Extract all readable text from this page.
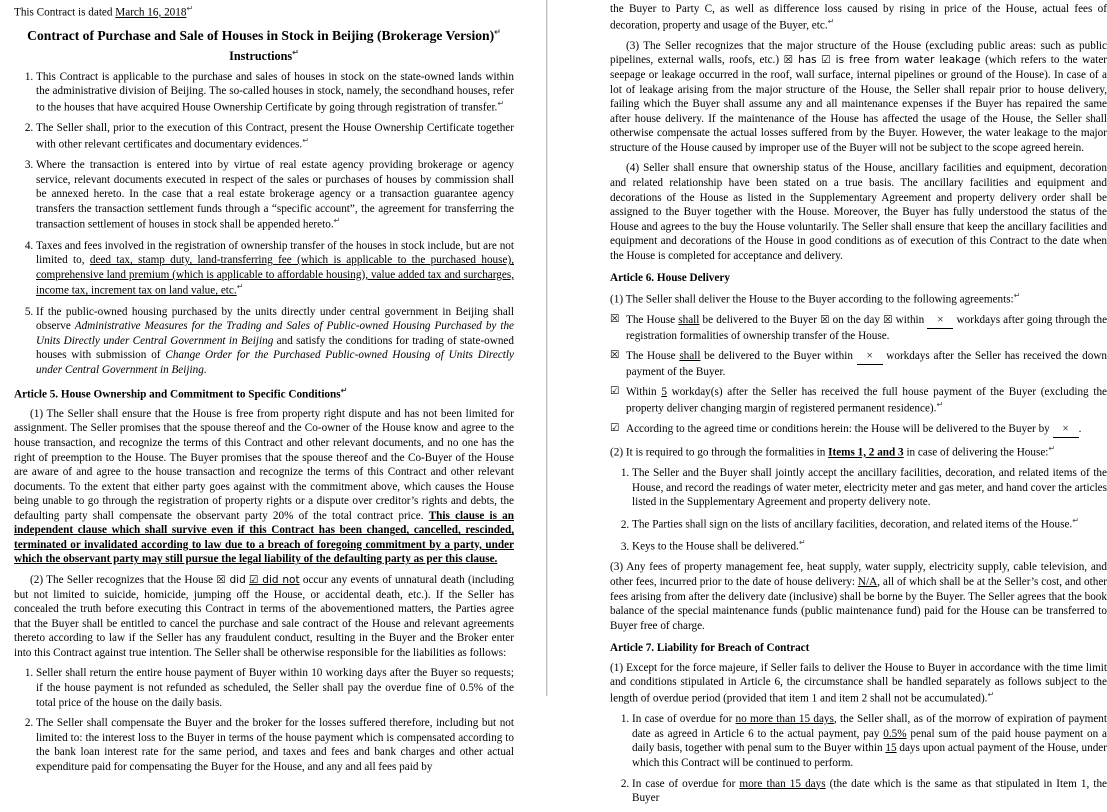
This Contract is dated March 16, 2018↵

Contract of Purchase and Sale of Houses in Stock in Beijing (Brokerage Version)↵
Instructions↵
1. This Contract is applicable to the purchase and sales of houses in stock on the state-owned lands within the administrative division of Beijing. The so-called houses in stock, namely, the secondhand houses, refer to the houses that have acquired House Ownership Certificate by going through registration of transfer.↵
2. The Seller shall, prior to the execution of this Contract, present the House Ownership Certificate together with other relevant certificates and documentary evidences.↵
3. Where the transaction is entered into by virtue of real estate agency providing brokerage or agency service, relevant documents executed in respect of the sales or purchases of houses by commission shall be annexed hereto. In the case that a real estate brokerage agency or a transaction guarantee agency transfers the transaction settlement funds through a “specific account”, the agreement for transferring the transaction settlement of houses in stock shall be appended hereto.↵
4. Taxes and fees involved in the registration of ownership transfer of the houses in stock include, but are not limited to, deed tax, stamp duty, land-transferring fee (which is applicable to the purchased house), comprehensive land premium (which is applicable to affordable housing), value added tax and surcharges, income tax, increment tax on land value, etc.↵
5. If the public-owned housing purchased by the units directly under central government in Beijing shall observe Administrative Measures for the Trading and Sales of Public-owned Housing Purchased by the Units Directly under Central Government in Beijing and satisfy the conditions for trading of state-owned houses with submission of Change Order for the Purchased Public-owned Housing of Units Directly under Central Government in Beijing.

Article 5. House Ownership and Commitment to Specific Conditions↵

(1) The Seller shall ensure that the House is free from property right dispute and has not been limited for assignment. The Seller promises that the spouse thereof and the Co-owner of the House know and agree to the house transaction, and recognize the terms of this Contract and other relevant documents, and no one has the right of preemption to the House. The Buyer promises that the spouse thereof and the Co-Buyer of the House are aware of and agree to the house transaction and recognize the terms of this Contract and other relevant documents. To the extent that either party goes against with the commitment above, which causes the House being unable to go through the registration of property rights or a dispute over creditor’s rights and debts, the defaulting party shall compensate the observant party 20% of the total contract price. This clause is an independent clause which shall survive even if this Contract has been changed, cancelled, rescinded, terminated or invalidated according to law due to a breach of foregoing commitment by a party, under which the observant party may still pursue the legal liability of the defaulting party as per this clause.

(2) The Seller recognizes that the House ☒ did ☑ did not occur any events of unnatural death (including but not limited to suicide, homicide, jumping off the House, or accidental death, etc.). If the Seller has concealed the truth before executing this Contract in terms of the abovementioned matters, the Parties agree that the Buyer shall be entitled to cancel the purchase and sale contract of the House and relevant agreements thereto according to law if the Seller has any fraudulent conduct, resulting in the Buyer and the Broker enter into this Contract against true intention. The Seller shall be otherwise responsible for the liabilities as follows:

1. Seller shall return the entire house payment of Buyer within 10 working days after the Buyer so requests; if the house payment is not refunded as scheduled, the Seller shall pay the overdue fine of 0.5% of the total price of the house on the daily basis.
2. The Seller shall compensate the Buyer and the broker for the losses suffered therefore, including but not limited to: the interest loss to the Buyer in terms of the house payment which is compensated according to the bank loan interest rate for the same period, and taxes and fees and bank charges and other actual expenditure paid for compensating the Buyer for the House, and any and all fees paid by

the Buyer to Party C, as well as difference loss caused by rising in price of the House, actual fees of decoration, property and usage of the Buyer, etc.↵

(3) The Seller recognizes that the major structure of the House (excluding public areas: such as public pipelines, external walls, roofs, etc.) ☒ has ☑ is free from water leakage (which refers to the water seepage or leakage occurred in the roof, wall surface, internal pipelines or ground of the House). In case of a lot of leakage arising from the major structure of the House, the Seller shall repair prior to house delivery, failing which the Buyer shall assume any and all maintenance expenses if the Buyer has repaired the same after house delivery. If the maintenance of the House has affected the usage of the House, the Seller shall otherwise compensate the actual losses suffered from by the Buyer. However, the water leakage to the major structure of the House caused by improper use of the Buyer will not be subject to the scope agreed herein.

(4) Seller shall ensure that ownership status of the House, ancillary facilities and equipment, decoration and related relationship have been stated on a true basis. The ancillary facilities and equipment and decorations of the House as listed in the Supplementary Agreement and property delivery order shall be assigned to the Buyer together with the House. Moreover, the Buyer has fully understood the status of the House and agrees to the buy the House voluntarily. The Seller shall ensure that keep the ancillary facilities and equipment and decorations of the House in good conditions as of execution of this Contract to the date when the House is completed for acceptance and delivery.

Article 6. House Delivery

(1) The Seller shall deliver the House to the Buyer according to the following agreements:↵

☒ The House shall be delivered to the Buyer ☒ on the day ☒ within × workdays after going through the registration formalities of ownership transfer of the House.
☒ The House shall be delivered to the Buyer within × workdays after the Seller has received the down payment of the Buyer.
☑ Within 5 workday(s) after the Seller has received the full house payment of the Buyer (excluding the property deliver changing margin of registered permanent residence).↵
☑ According to the agreed time or conditions herein: the House will be delivered to the Buyer by × .

(2) It is required to go through the formalities in Items 1, 2 and 3 in case of delivering the House:↵

1. The Seller and the Buyer shall jointly accept the ancillary facilities, decoration, and related items of the House, and record the readings of water meter, electricity meter and gas meter, and hand cover the articles listed in the Supplementary Agreement and property delivery note.
2. The Parties shall sign on the lists of ancillary facilities, decoration, and related items of the House.↵
3. Keys to the House shall be delivered.↵

(3) Any fees of property management fee, heat supply, water supply, electricity supply, cable television, and other fees, incurred prior to the date of house delivery: N/A, all of which shall be at the Seller’s cost, and other fees arising from after the delivery date (inclusive) shall be borne by the Buyer. The Seller agrees that the book balance of the special maintenance funds (public maintenance fund) paid for the House can be transferred to Buyer free of charge.

Article 7. Liability for Breach of Contract

(1) Except for the force majeure, if Seller fails to deliver the House to Buyer in accordance with the time limit and conditions stipulated in Article 6, the circumstance shall be handled separately as follows subject to the length of overdue period (provided that item 1 and item 2 shall not be accumulated).↵

1. In case of overdue for no more than 15 days, the Seller shall, as of the morrow of expiration of payment date as agreed in Article 6 to the actual payment, pay 0.5% penal sum of the paid house payment on a daily basis, together with penal sum to the Buyer within 15 days upon actual payment of the House, under which this Contract will be continued to perform.
2. In case of overdue for more than 15 days (the date which is the same as that stipulated in Item 1, the Buyer
